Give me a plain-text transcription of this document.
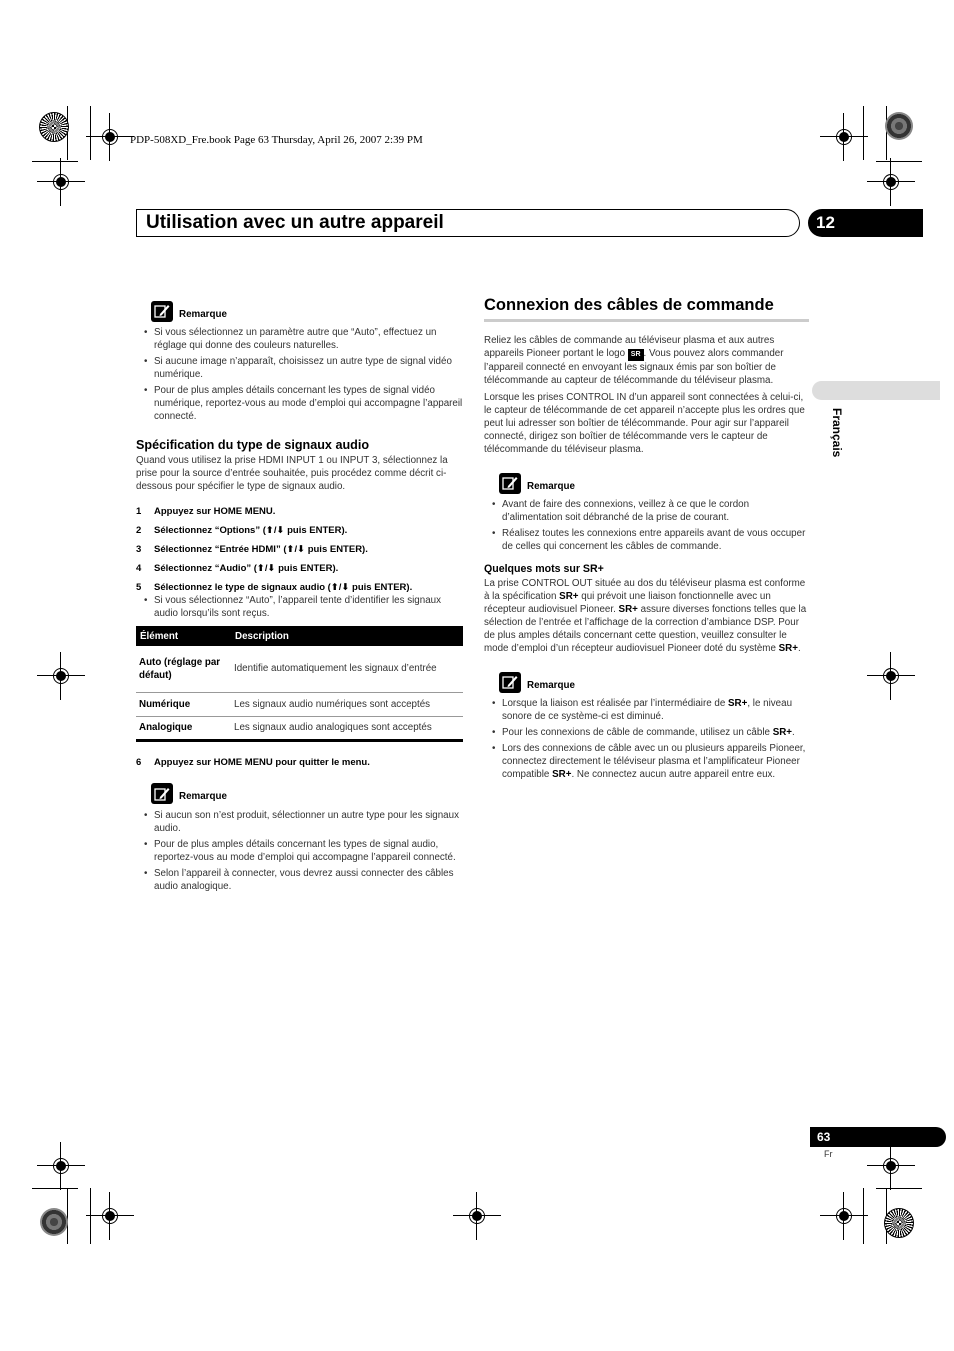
PDP-508XD_Fre.book Page 63 Thursday, April 26, 2007 2:39 PM
Utilisation avec un autre appareil	12
Français
Remarque
• Si vous sélectionnez un paramètre autre que “Auto”, effectuez un réglage qui donne des couleurs naturelles.
• Si aucune image n’apparaît, choisissez un autre type de signal vidéo numérique.
• Pour de plus amples détails concernant les types de signal vidéo numérique, reportez-vous au mode d’emploi qui accompagne l’appareil connecté.
Spécification du type de signaux audio

Quand vous utilisez la prise HDMI INPUT 1 ou INPUT 3, sélectionnez la prise pour la source d’entrée souhaitée, puis procédez comme décrit ci-dessous pour spécifier le type de signaux audio.

1	Appuyez sur HOME MENU.
2	Sélectionnez “Options” (⬆/⬇ puis ENTER).
3	Sélectionnez “Entrée HDMI” (⬆/⬇ puis ENTER).
4	Sélectionnez “Audio” (⬆/⬇ puis ENTER).
5	Sélectionnez le type de signaux audio (⬆/⬇ puis ENTER).
• Si vous sélectionnez “Auto”, l’appareil tente d’identifier les signaux audio lorsqu’ils sont reçus.
Élément	Description
Auto (réglage par défaut)	Identifie automatiquement les signaux d’entrée
Numérique	Les signaux audio numériques sont acceptés
Analogique	Les signaux audio analogiques sont acceptés
6	Appuyez sur HOME MENU pour quitter le menu.
Remarque
• Si aucun son n’est produit, sélectionner un autre type pour les signaux audio.
• Pour de plus amples détails concernant les types de signal audio, reportez-vous au mode d’emploi qui accompagne l’appareil connecté.
• Selon l’appareil à connecter, vous devrez aussi connecter des câbles audio analogique.
Connexion des câbles de commande

Reliez les câbles de commande au téléviseur plasma et aux autres appareils Pioneer portant le logo SR . Vous pouvez alors commander l’appareil connecté en envoyant les signaux émis par son boîtier de télécommande au capteur de télécommande du téléviseur plasma.

Lorsque les prises CONTROL IN d’un appareil sont connectées à celui-ci, le capteur de télécommande de cet appareil n’accepte plus les ordres que peut lui adresser son boîtier de télécommande. Pour agir sur l’appareil connecté, dirigez son boîtier de télécommande vers le capteur de télécommande du téléviseur plasma.

Remarque
• Avant de faire des connexions, veillez à ce que le cordon d’alimentation soit débranché de la prise de courant.
• Réalisez toutes les connexions entre appareils avant de vous occuper de celles qui concernent les câbles de commande.
Quelques mots sur SR+

La prise CONTROL OUT située au dos du téléviseur plasma est conforme à la spécification SR+ qui prévoit une liaison fonctionnelle avec un récepteur audiovisuel Pioneer. SR+ assure diverses fonctions telles que la sélection de l’entrée et l’affichage de la correction d’ambiance DSP. Pour de plus amples détails concernant cette question, veuillez consulter le mode d’emploi d’un récepteur audiovisuel Pioneer doté du système SR+.

Remarque
• Lorsque la liaison est réalisée par l’intermédiaire de SR+, le niveau sonore de ce système-ci est diminué.
• Pour les connexions de câble de commande, utilisez un câble SR+.
• Lors des connexions de câble avec un ou plusieurs appareils Pioneer, connectez directement le téléviseur plasma et l’amplificateur Pioneer compatible SR+. Ne connectez aucun autre appareil entre eux.
63
Fr
